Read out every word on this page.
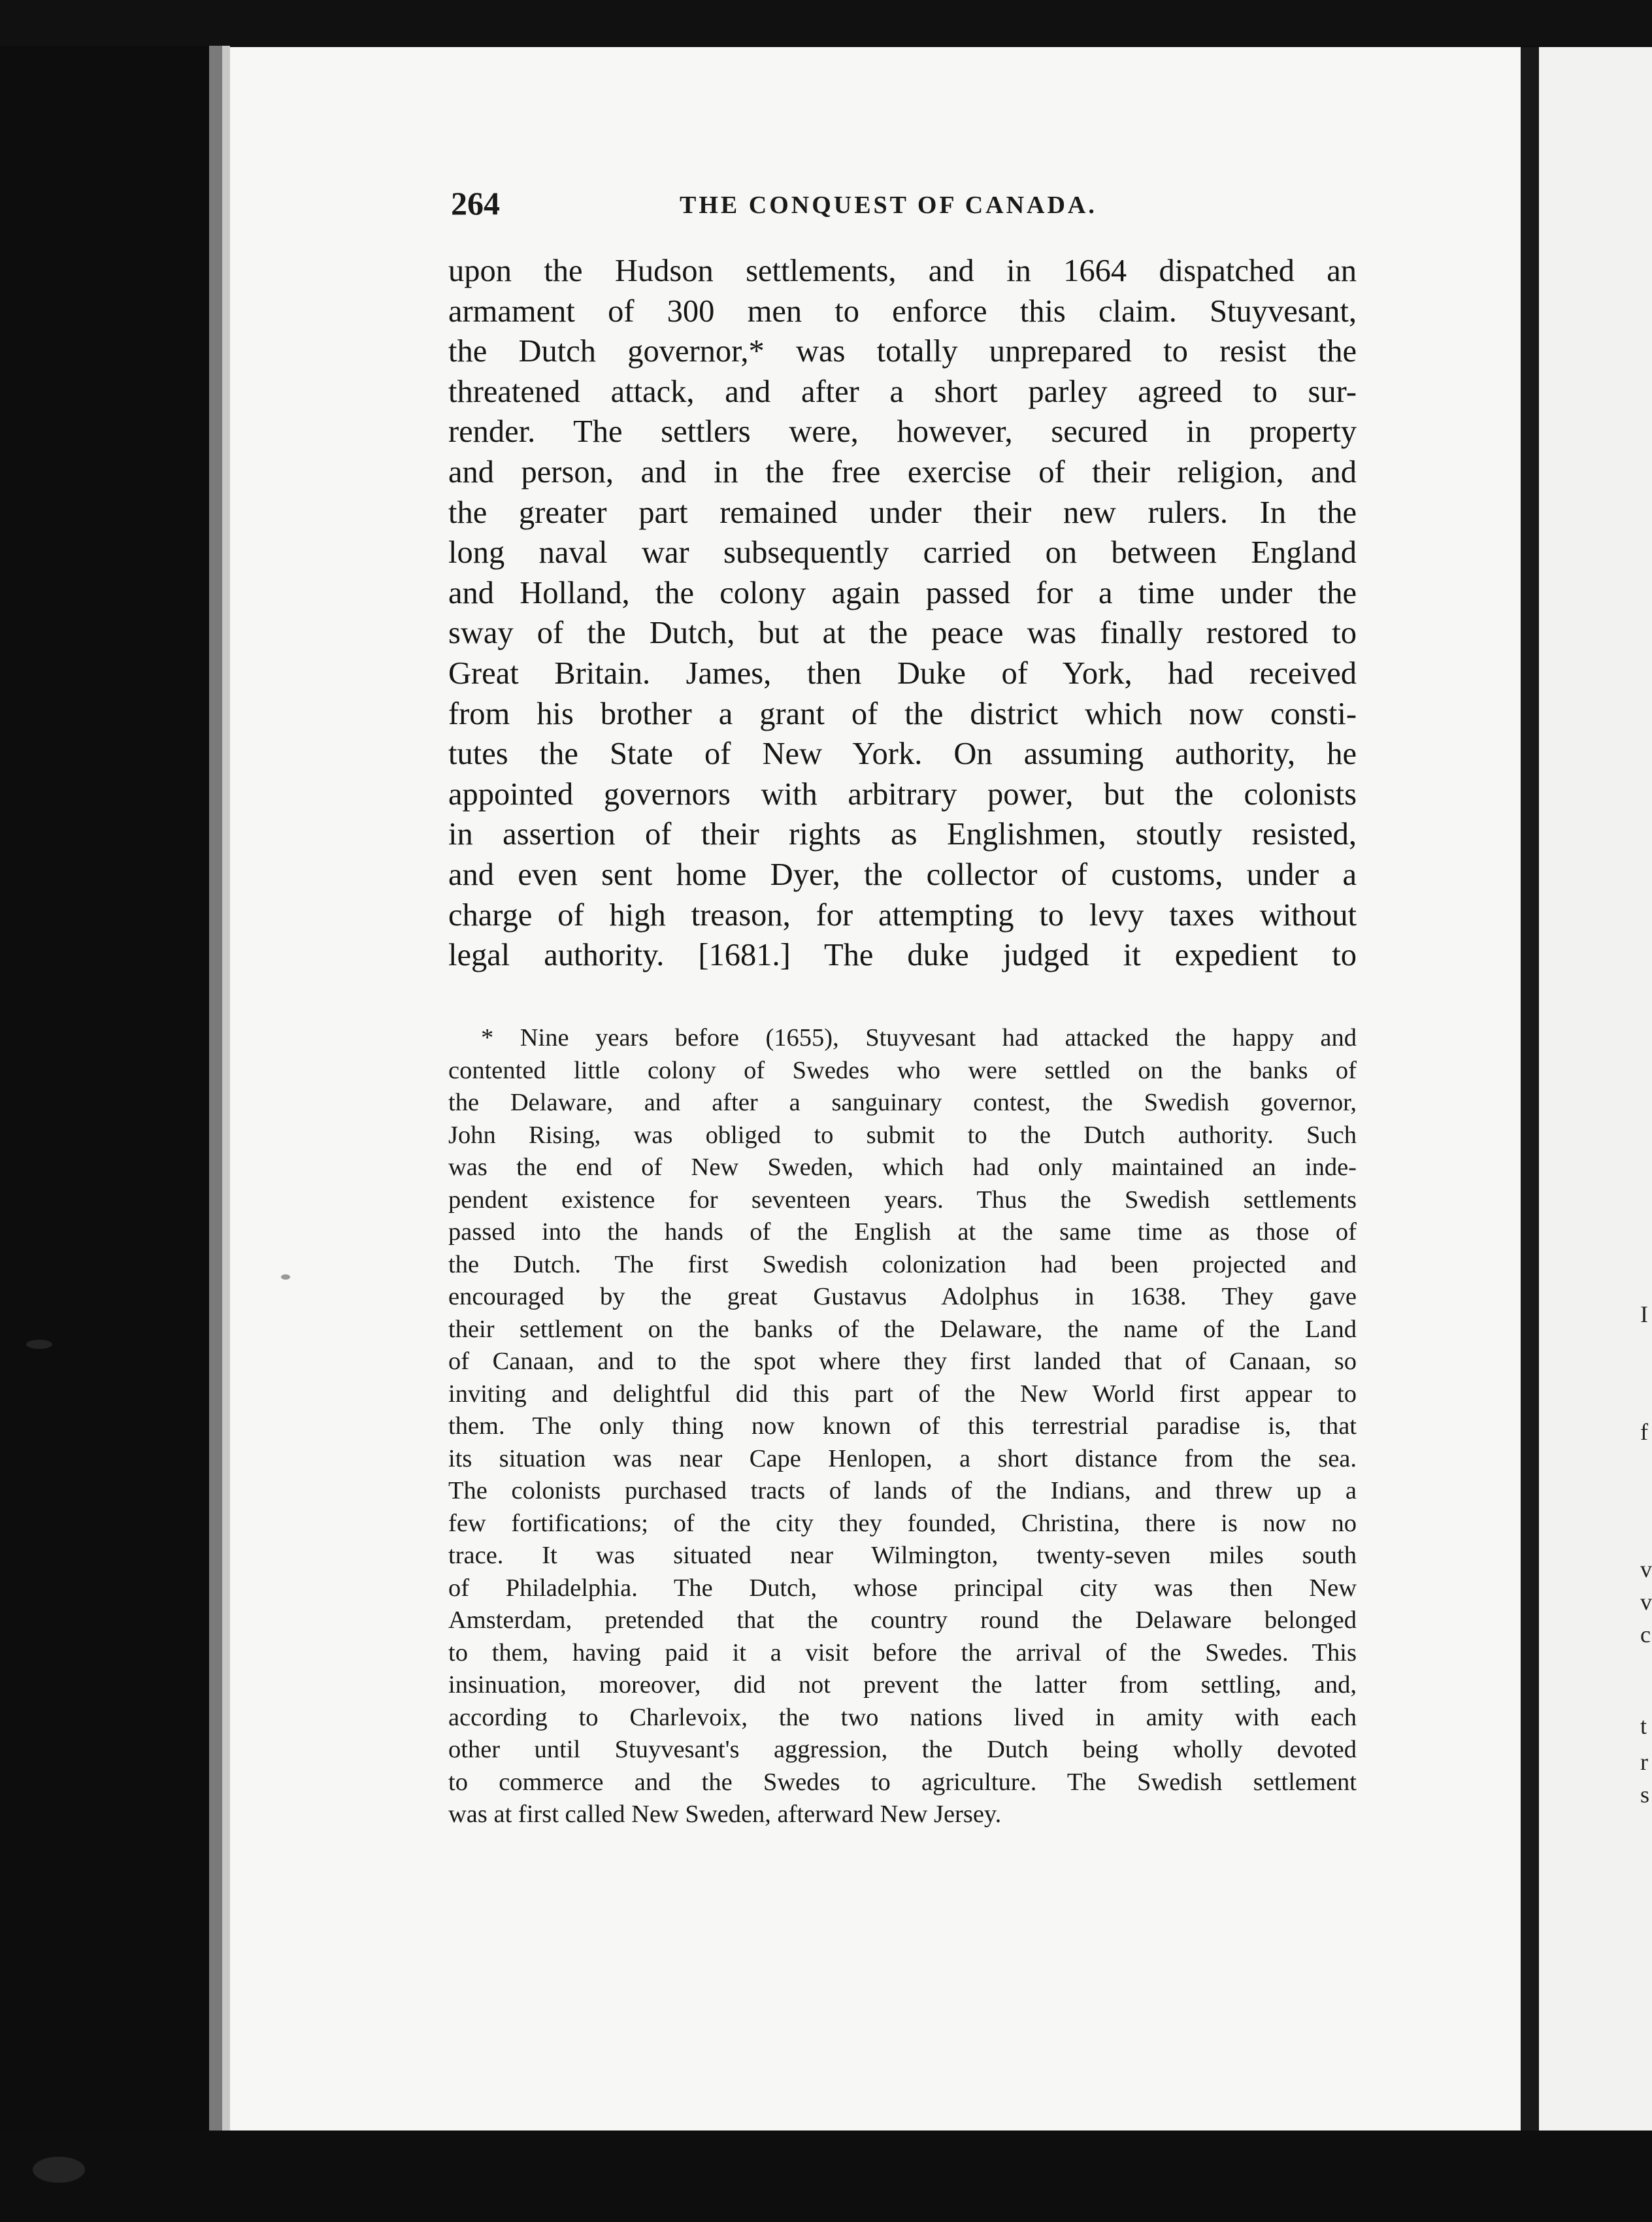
I
f
v
v
c
t
r
s
264	THE CONQUEST OF CANADA.
upon the Hudson settlements, and in 1664 dispatched an
armament of 300 men to enforce this claim. Stuyvesant,
the Dutch governor,* was totally unprepared to resist the
threatened attack, and after a short parley agreed to sur-
render. The settlers were, however, secured in property
and person, and in the free exercise of their religion, and
the greater part remained under their new rulers. In the
long naval war subsequently carried on between England
and Holland, the colony again passed for a time under the
sway of the Dutch, but at the peace was finally restored to
Great Britain. James, then Duke of York, had received
from his brother a grant of the district which now consti-
tutes the State of New York. On assuming authority, he
appointed governors with arbitrary power, but the colonists
in assertion of their rights as Englishmen, stoutly resisted,
and even sent home Dyer, the collector of customs, under a
charge of high treason, for attempting to levy taxes without
legal authority. [1681.] The duke judged it expedient to
* Nine years before (1655), Stuyvesant had attacked the happy and
contented little colony of Swedes who were settled on the banks of
the Delaware, and after a sanguinary contest, the Swedish governor,
John Rising, was obliged to submit to the Dutch authority. Such
was the end of New Sweden, which had only maintained an inde-
pendent existence for seventeen years. Thus the Swedish settlements
passed into the hands of the English at the same time as those of
the Dutch. The first Swedish colonization had been projected and
encouraged by the great Gustavus Adolphus in 1638. They gave
their settlement on the banks of the Delaware, the name of the Land
of Canaan, and to the spot where they first landed that of Canaan, so
inviting and delightful did this part of the New World first appear to
them. The only thing now known of this terrestrial paradise is, that
its situation was near Cape Henlopen, a short distance from the sea.
The colonists purchased tracts of lands of the Indians, and threw up a
few fortifications; of the city they founded, Christina, there is now no
trace. It was situated near Wilmington, twenty-seven miles south
of Philadelphia. The Dutch, whose principal city was then New
Amsterdam, pretended that the country round the Delaware belonged
to them, having paid it a visit before the arrival of the Swedes. This
insinuation, moreover, did not prevent the latter from settling, and,
according to Charlevoix, the two nations lived in amity with each
other until Stuyvesant's aggression, the Dutch being wholly devoted
to commerce and the Swedes to agriculture. The Swedish settlement
was at first called New Sweden, afterward New Jersey.
